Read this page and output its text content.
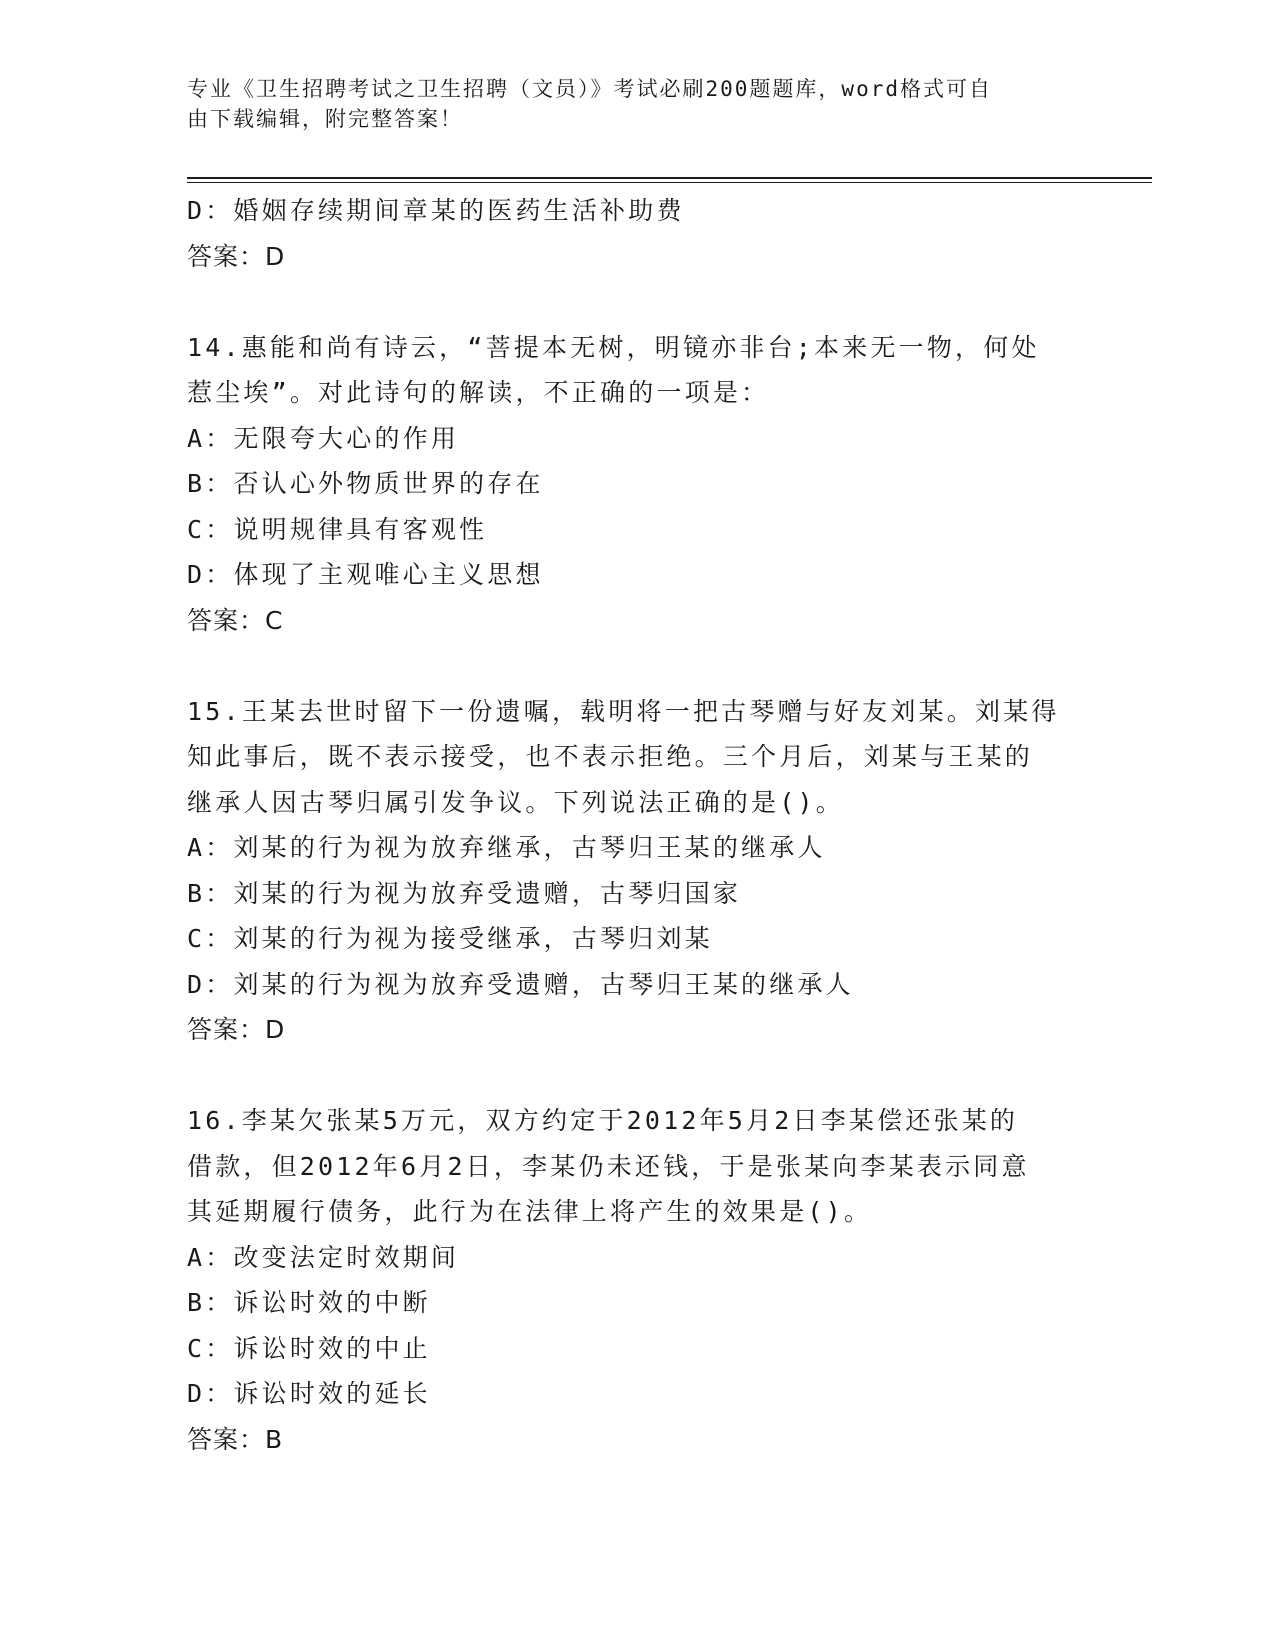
专业《卫生招聘考试之卫生招聘（文员）》考试必刷200题题库，word格式可自
由下载编辑，附完整答案！

D：婚姻存续期间章某的医药生活补助费

答案：D

14.惠能和尚有诗云，“菩提本无树，明镜亦非台;本来无一物，何处

惹尘埃”。对此诗句的解读，不正确的一项是：

A：无限夸大心的作用

B：否认心外物质世界的存在

C：说明规律具有客观性

D：体现了主观唯心主义思想

答案：C

15.王某去世时留下一份遗嘱，载明将一把古琴赠与好友刘某。刘某得

知此事后，既不表示接受，也不表示拒绝。三个月后，刘某与王某的

继承人因古琴归属引发争议。下列说法正确的是()。

A：刘某的行为视为放弃继承，古琴归王某的继承人

B：刘某的行为视为放弃受遗赠，古琴归国家

C：刘某的行为视为接受继承，古琴归刘某

D：刘某的行为视为放弃受遗赠，古琴归王某的继承人

答案：D

16.李某欠张某5万元，双方约定于2012年5月2日李某偿还张某的

借款，但2012年6月2日，李某仍未还钱，于是张某向李某表示同意

其延期履行债务，此行为在法律上将产生的效果是()。

A：改变法定时效期间

B：诉讼时效的中断

C：诉讼时效的中止

D：诉讼时效的延长

答案：B
